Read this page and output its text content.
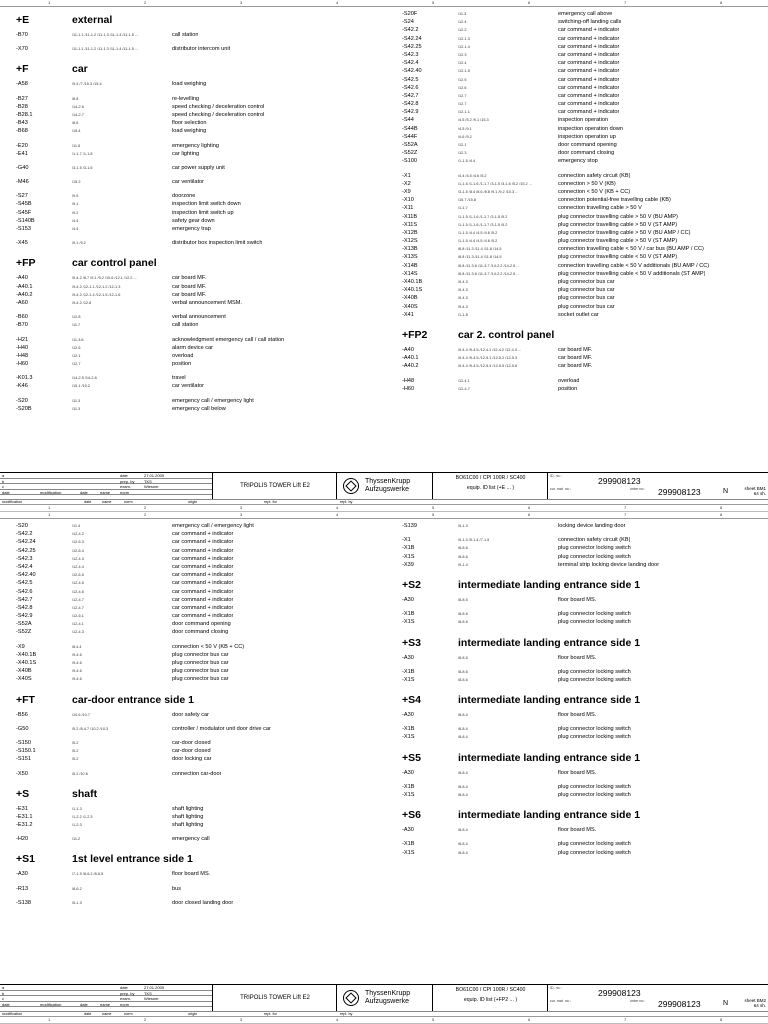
1	2	3	4	5	6	7	8
+E	external
-B70	/11-1.1 /11-1.2 /11-1.3 /11-1.4 /11-1.5 ...	call station
-X70	/11-1.1 /11-1.2 /11-1.3 /11-1.4 /11-1.5 ...	distributor intercom unit
+F	car
-A58	/9.4 /7 /15.3 /15.4	load weighing
-B27	/8.8	re-levelling
-B28	/14-2.6	speed checking / deceleration control
-B28.1	/14-2.7	speed checking / deceleration control
-B43	/8.6	floor selection
-B68	/15.4	load weighing
-E20	/11.5	emergency lighting
-E41	/1-1.7 /1-1.8	car lighting
-G40	/3-1.5 /3-1.6	car power supply unit
-M46	/15.2	car ventilator
-S27	/9.5	doorzone
-S45B	/9.1	inspection limit switch down
-S45F	/9.2	inspection limit switch up
-S140B	/4.4	safety gear down
-S153	/4.4	emergency trap
-X45	/9.1 /9.2	distributor box inspection limit switch
+FP	car control panel
-A40	/9-4.2 /8.7 /9.1 /9.2 /10.6 /12.1 /12.2 ...	car board MF.
-A40.1	/9-4.2 /12-1.1 /12-1.2 /12-1.3	car board MF.
-A40.2	/9-4.2 /12-1.4 /12-1.5 /12-1.6	car board MF.
-A60	/9-4.2 /12.8	verbal announcement MSM.
-B60	/12.8	verbal announcement
-B70	/11.7	call station
-H21	/11-3.6	acknowledgment emergency call / call station
-H40	/12.6	alarm device car
-H48	/12.1	overload
-H60	/12.7	position
-K01.3	/14-2.5 /14-2.6	travel
-K46	/15.1 /15.2	car ventilator
-S20	/11.3	emergency call / emergency light
-S20B	/11.3	emergency call below
-S20F	/11.3	emergency call above
-S24	/12.4	switching-off landing calls
-S42.2	/12.2	car command + indicator
-S42.24	/12-1.3	car command + indicator
-S42.25	/12-1.4	car command + indicator
-S42.3	/12.3	car command + indicator
-S42.4	/12.4	car command + indicator
-S42.40	/12-1.5	car command + indicator
-S42.5	/12.5	car command + indicator
-S42.6	/12.6	car command + indicator
-S42.7	/12.7	car command + indicator
-S42.8	/12.7	car command + indicator
-S42.9	/12-1.1	car command + indicator
-S44	/4.5 /5.2 /9.1 /15.3	inspection operation
-S44B	/4.5 /9.1	inspection operation down
-S44F	/4.6 /9.2	inspection operation up
-S52A	/12.1	door command opening
-S52Z	/12.3	door command closing
-S100	/1-1.5 /4.4	emergency stop
-X1	/4.4 /4.5 /4.6 /5.2	connection safety circuit (KB)
-X2	/1-1.5 /1-1.6 /1-1.7 /3-1.5 /3-1.6 /5.2 /15.2 ...	connection > 50 V (KB)
-X9	/3-1.5 /8.4 /8.6 /8.8 /9.1 /9.2 /10.3 ...	connection < 50 V (KB + CC)
-X10	/15.7 /15.8	connection potential-free travelling cable (KB)
-X11	/1-1.7	connection travelling cable > 50 V
-X11B	/1-1.5 /1-1.6 /1-1.7 /3-1.5 /5.2	plug connector travelling cable > 50 V (BU AMP)
-X11S	/1-1.5 /1-1.6 /1-1.7 /3-1.5 /5.2	plug connector travelling cable > 50 V (ST AMP)
-X12B	/1-1.5 /4.4 /4.5 /4.6 /5.2	plug connector travelling cable > 50 V (BU AMP / CC)
-X12S	/1-1.5 /4.4 /4.5 /4.6 /5.2	plug connector travelling cable > 50 V (ST AMP)
-X13B	/8.8 /11.3 /11.4 /11.8 /14.5	connection travelling cable < 50 V / car bus (BU AMP / CC)
-X13S	/8.8 /11.3 /11.4 /11.8 /14.5	plug connector travelling cable < 50 V (ST AMP)
-X14B	/8.8 /11-3.6 /11-3.7 /14-2.2 /14-2.5 ...	connection travelling cable < 50 V additionals (BU AMP / CC)
-X14S	/8.8 /11-3.6 /11-3.7 /14-2.2 /14-2.5 ...	plug connector travelling cable < 50 V additionals (ST AMP)
-X40.1B	/9-4.3	plug connector bus car
-X40.1S	/9-4.3	plug connector bus car
-X40B	/9-4.3	plug connector bus car
-X40S	/9-4.3	plug connector bus car
-X41	/1-1.8	socket outlet car
+FP2	car 2. control panel
-A40	/9-4.4 /9-4.5 /12.4.1 /12-4.2 /12-4.3 ...	car board MF.
-A40.1	/9-4.4 /9-4.5 /12-5.1 /12-5.2 /12-5.3	car board MF.
-A40.2	/9-4.4 /9-4.5 /12-5.4 /12-5.5 /12-5.6	car board MF.
-H48	/12.4.1	overload
-H60	/12-4.7	position
a	date	27.01.2009
b	prep. by	TKS
c	exam.	Wiesner
date	modification	date	name	norm
TRIPOLIS TOWER Lift E2
ThyssenKrupp
Aufzugswerke
BO61C00 / CPI 100R / SC400
equip. ID list (+E ... )
ID. no.:	299908123
cur. mat. no.:	order no.: 299908123	N	sheet BM1
64 sh.
modification	date	name	norm	origin	repl. for	repl. by
1	2	3	4	5	6	7	8
1	2	3	4	5	6	7	8
-S20	/11.4	emergency call / emergency light
-S42.2	/12-4.2	car command + indicator
-S42.24	/12-6.3	car command + indicator
-S42.25	/12-6.4	car command + indicator
-S42.3	/12-4.3	car command + indicator
-S42.4	/12-4.4	car command + indicator
-S42.40	/12-6.5	car command + indicator
-S42.5	/12-4.5	car command + indicator
-S42.6	/12-4.6	car command + indicator
-S42.7	/12-4.7	car command + indicator
-S42.8	/12-4.7	car command + indicator
-S42.9	/12-6.1	car command + indicator
-S52A	/12-4.1	door command opening
-S52Z	/12-4.3	door command closing
-X9	/8.4.4	connection < 50 V (KB + CC)
-X40.1B	/9-4.6	plug connector bus car
-X40.1S	/9-4.6	plug connector bus car
-X40B	/9-4.6	plug connector bus car
-X40S	/9-4.6	plug connector bus car
+FT	car-door entrance side 1
-B56	/10.6 /10.7	door safety car
-G50	/5.2 /8-4.7 /10.2 /10.3	controller / modulator unit door drive car
-S150	/5.2	car-door closed
-S150.1	/5.2	car-door closed
-S151	/5.2	door locking car
-X50	/5.2 /10.6	connection car-door
+S	shaft
-E31	/1-1.3	shaft lighting
-E31.1	/1-2.2 /1-2.3	shaft lighting
-E31.2	/1-2.3	shaft lighting
-H20	/11.2	emergency call
+S1	1st level entrance side 1
-A30	/7-1.5 /8-6.2 /8-6.5	floor board MS.
-R13	/8-6.2	bus
-S138	/5-1.3	door closed landing door
-S139	/5-1.3	locking device landing door
-X1	/5-1.3 /5-1.4 /7-1.5	connection safety circuit (KB)
-X1B	/8-8.6	plug connector locking switch
-X1S	/8-8.6	plug connector locking switch
-X39	/5-1.4	terminal strip locking device landing door
+S2	intermediate landing entrance side 1
-A30	/8-8.5	floor board MS.
-X1B	/8-8.6	plug connector locking switch
-X1S	/8-8.6	plug connector locking switch
+S3	intermediate landing entrance side 1
-A30	/8-8.5	floor board MS.
-X1B	/8-8.6	plug connector locking switch
-X1S	/8-8.6	plug connector locking switch
+S4	intermediate landing entrance side 1
-A30	/8-8.4	floor board MS.
-X1B	/8-8.4	plug connector locking switch
-X1S	/8-8.4	plug connector locking switch
+S5	intermediate landing entrance side 1
-A30	/8-8.4	floor board MS.
-X1B	/8-8.4	plug connector locking switch
-X1S	/8-8.4	plug connector locking switch
+S6	intermediate landing entrance side 1
-A30	/8-8.4	floor board MS.
-X1B	/8-8.4	plug connector locking switch
-X1S	/8-8.4	plug connector locking switch
a	date	27.01.2009
b	prep. by	TKS
c	exam.	Wiesner
date	modification	date	name	norm
TRIPOLIS TOWER Lift E2
ThyssenKrupp
Aufzugswerke
BO61C00 / CPI 100R / SC400
equip. ID list (+FP2 ... )
ID. no.:	299908123
cur. mat. no.:	order no.: 299908123	N	sheet BM2
64 sh.
modification	date	name	norm	origin	repl. for	repl. by
1	2	3	4	5	6	7	8
